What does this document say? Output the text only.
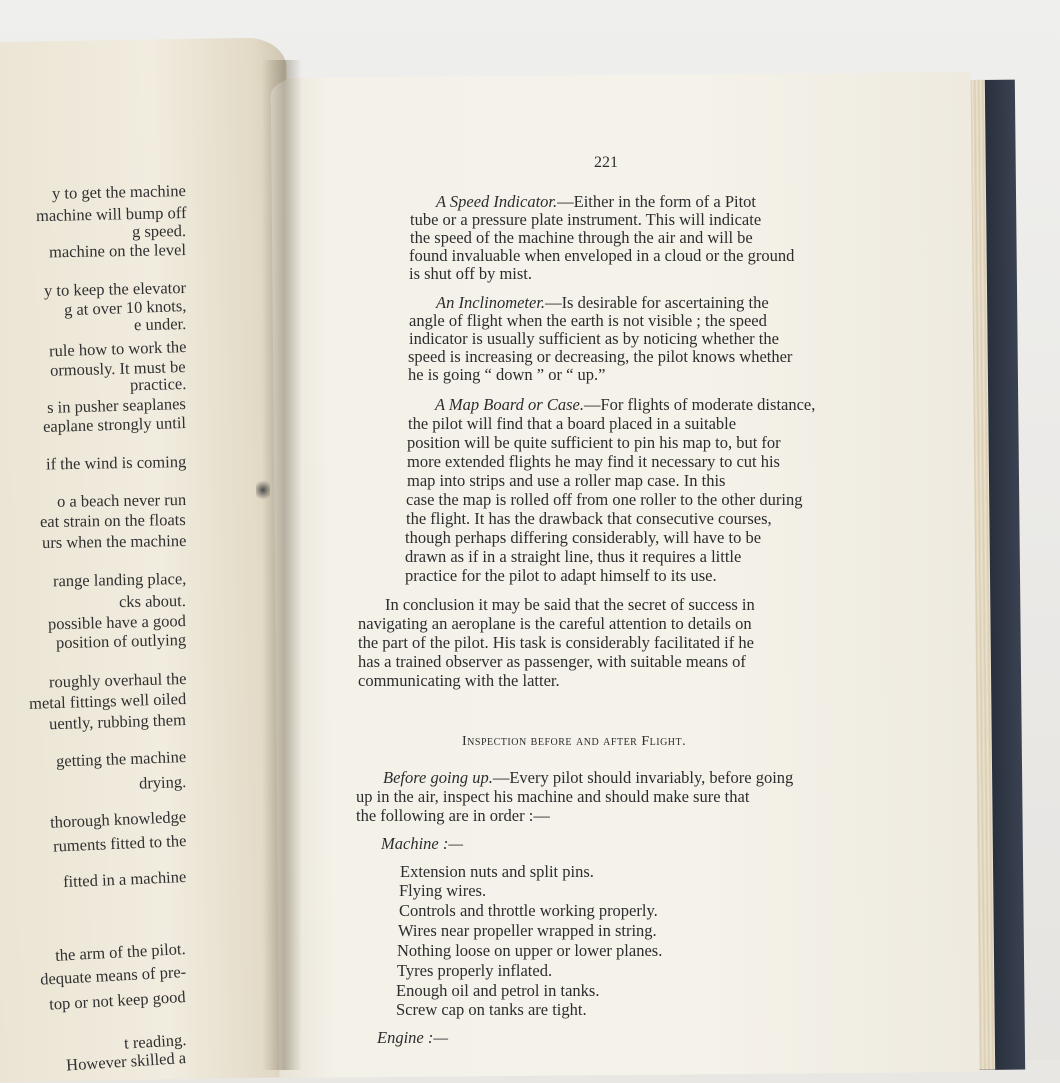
y to get the machine
machine will bump off
g speed.
machine on the level
y to keep the elevator
g at over 10 knots,
e under.
rule how to work the
ormously. It must be
practice.
s in pusher seaplanes
eaplane strongly until
if the wind is coming
o a beach never run
eat strain on the floats
urs when the machine
range landing place,
cks about.
possible have a good
position of outlying
roughly overhaul the
metal fittings well oiled
uently, rubbing them
getting the machine
drying.
thorough knowledge
ruments fitted to the
fitted in a machine
the arm of the pilot.
dequate means of pre-
top or not keep good
t reading.
However skilled a
221
A Speed Indicator.—Either in the form of a Pitot
tube or a pressure plate instrument. This will indicate
the speed of the machine through the air and will be
found invaluable when enveloped in a cloud or the ground
is shut off by mist.
An Inclinometer.—Is desirable for ascertaining the
angle of flight when the earth is not visible ; the speed
indicator is usually sufficient as by noticing whether the
speed is increasing or decreasing, the pilot knows whether
he is going “ down ” or “ up.”
A Map Board or Case.—For flights of moderate distance,
the pilot will find that a board placed in a suitable
position will be quite sufficient to pin his map to, but for
more extended flights he may find it necessary to cut his
map into strips and use a roller map case. In this
case the map is rolled off from one roller to the other during
the flight. It has the drawback that consecutive courses,
though perhaps differing considerably, will have to be
drawn as if in a straight line, thus it requires a little
practice for the pilot to adapt himself to its use.
In conclusion it may be said that the secret of success in
navigating an aeroplane is the careful attention to details on
the part of the pilot. His task is considerably facilitated if he
has a trained observer as passenger, with suitable means of
communicating with the latter.
Inspection before and after Flight.
Before going up.—Every pilot should invariably, before going
up in the air, inspect his machine and should make sure that
the following are in order :—
Machine :—
Extension nuts and split pins.
Flying wires.
Controls and throttle working properly.
Wires near propeller wrapped in string.
Nothing loose on upper or lower planes.
Tyres properly inflated.
Enough oil and petrol in tanks.
Screw cap on tanks are tight.
Engine :—
